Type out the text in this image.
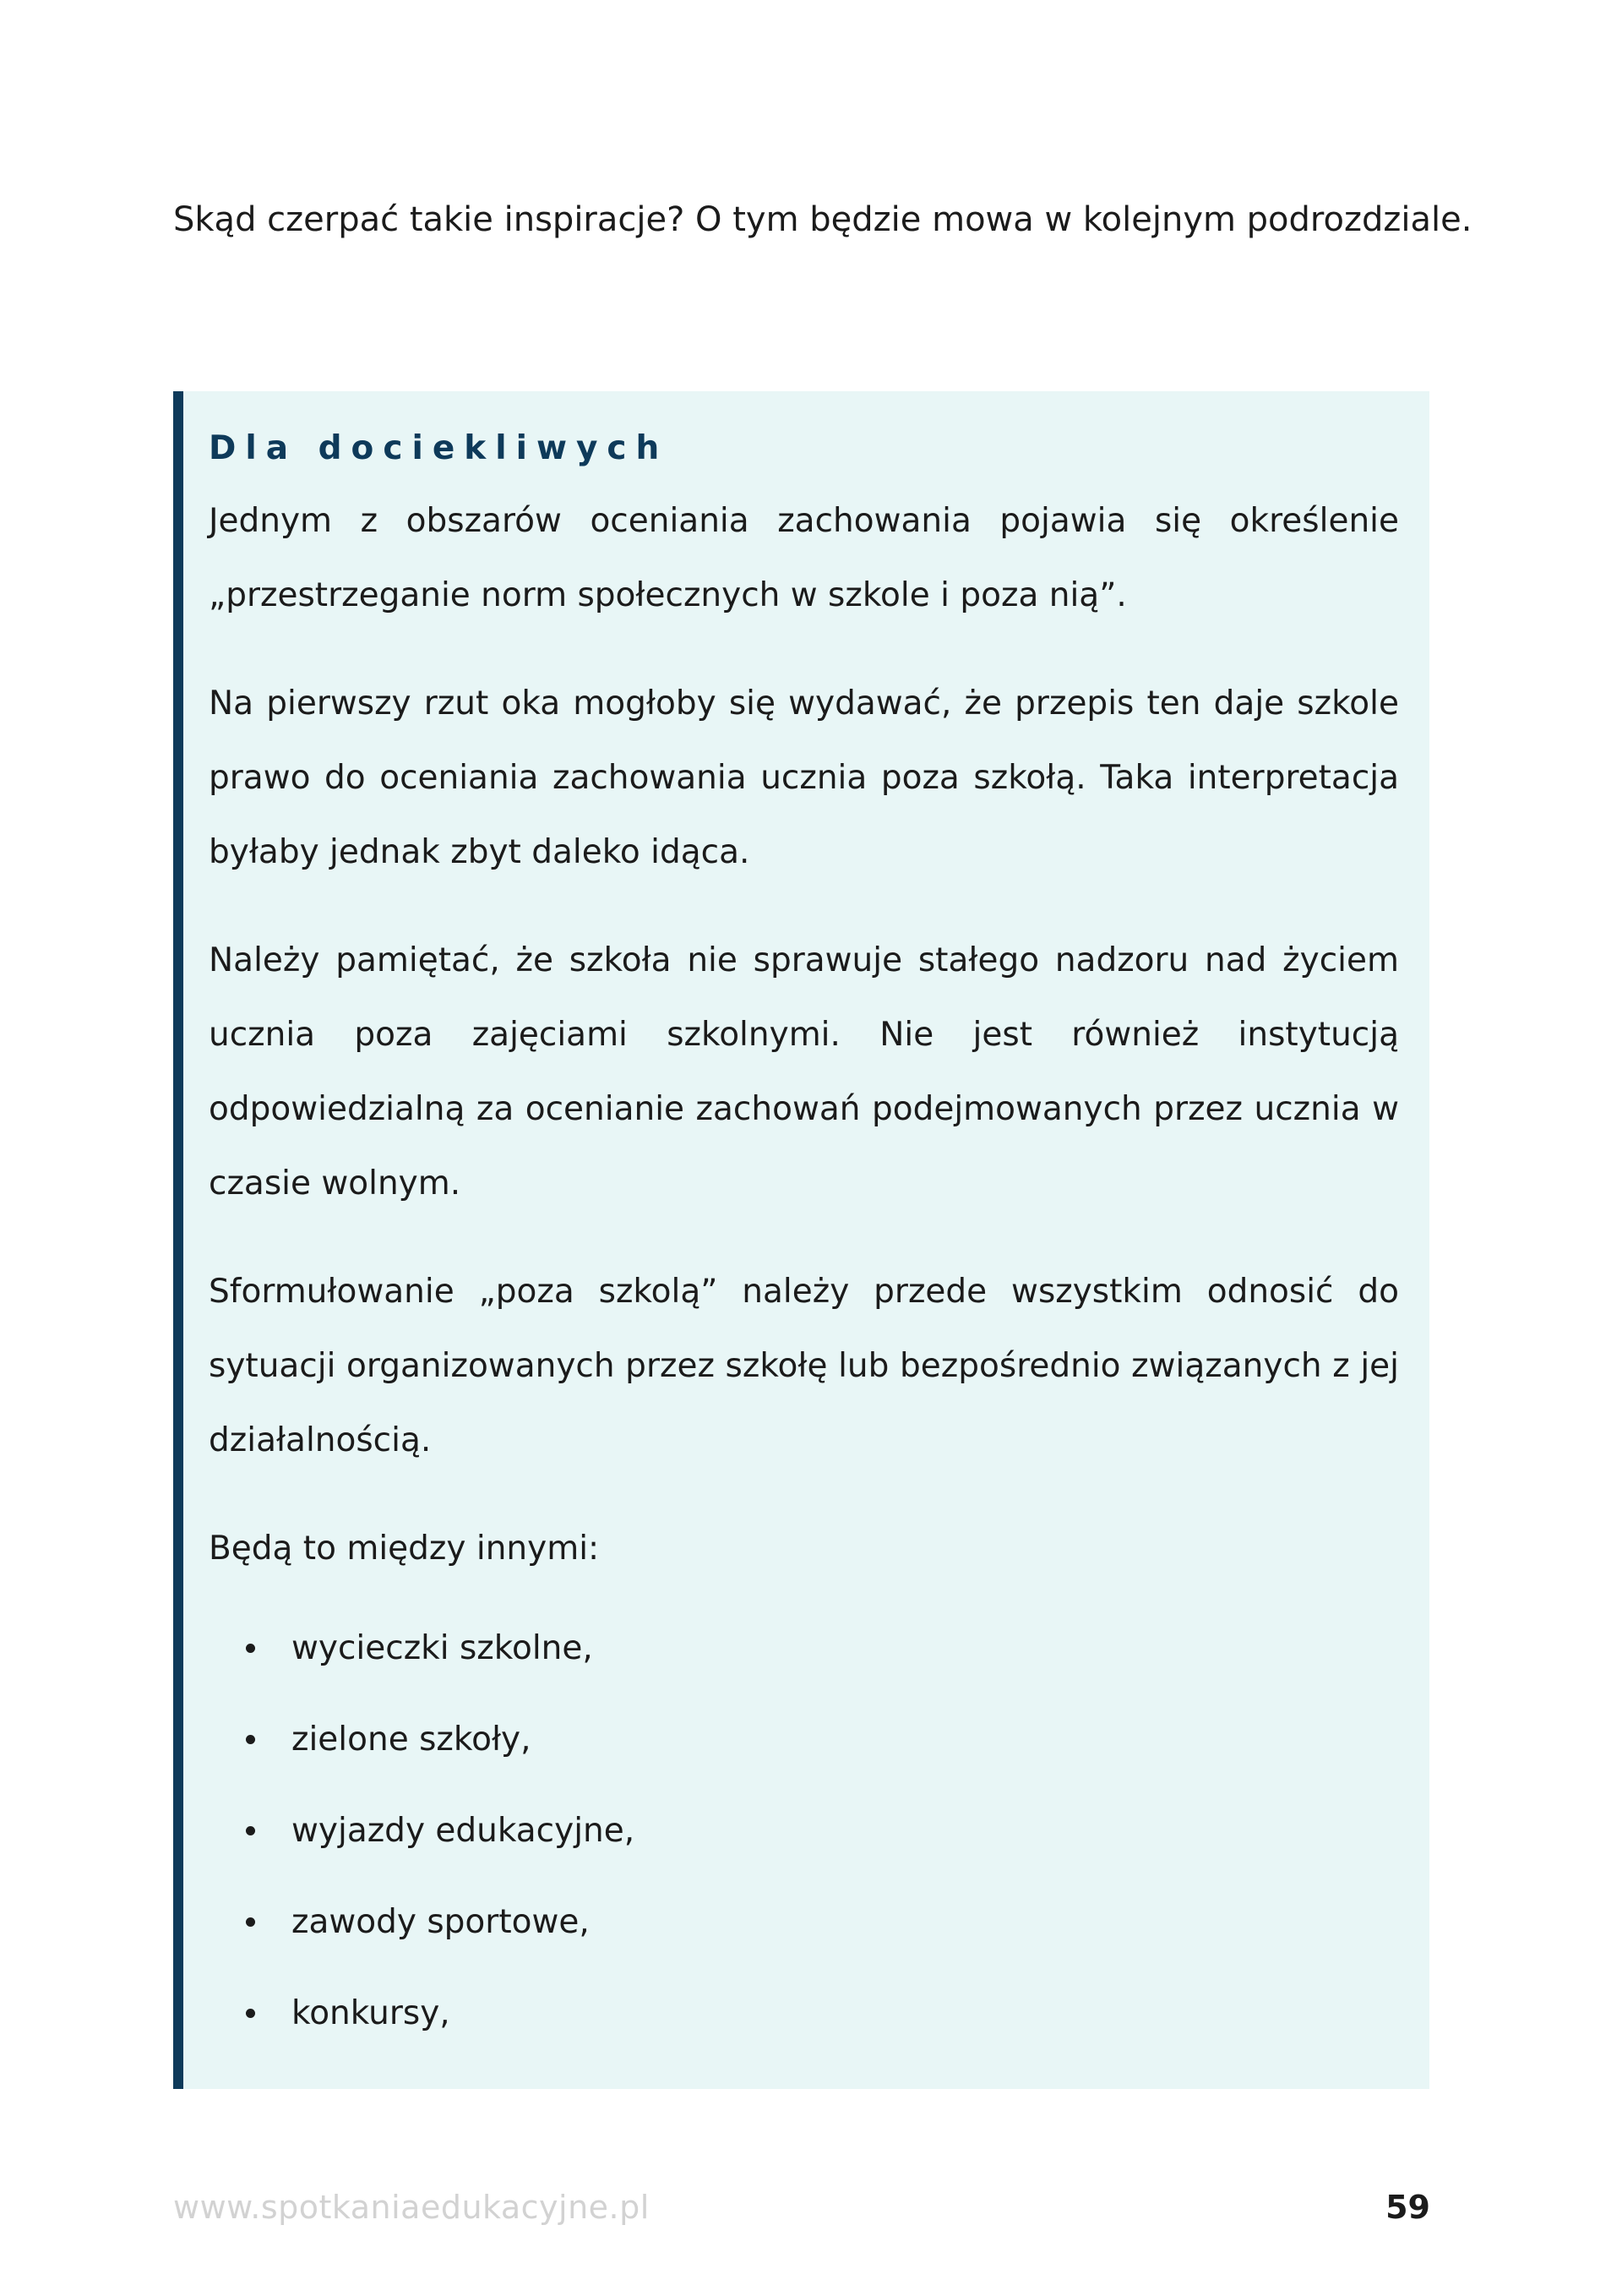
Skąd czerpać takie inspiracje? O tym będzie mowa w kolejnym podrozdziale.

Dla dociekliwych

Jednym z obszarów oceniania zachowania pojawia się określenie „przestrzeganie norm społecznych w szkole i poza nią”.

Na pierwszy rzut oka mogłoby się wydawać, że przepis ten daje szkole prawo do oceniania zachowania ucznia poza szkołą. Taka interpretacja byłaby jednak zbyt daleko idąca.

Należy pamiętać, że szkoła nie sprawuje stałego nadzoru nad życiem ucznia poza zajęciami szkolnymi. Nie jest również instytucją odpowiedzialną za ocenianie zachowań podejmowanych przez ucznia w czasie wolnym.

Sformułowanie „poza szkolą” należy przede wszystkim odnosić do sytuacji organizowanych przez szkołę lub bezpośrednio związanych z jej działalnością.

Będą to między innymi:

wycieczki szkolne,
zielone szkoły,
wyjazdy edukacyjne,
zawody sportowe,
konkursy,
www.spotkaniaedukacyjne.pl	59
